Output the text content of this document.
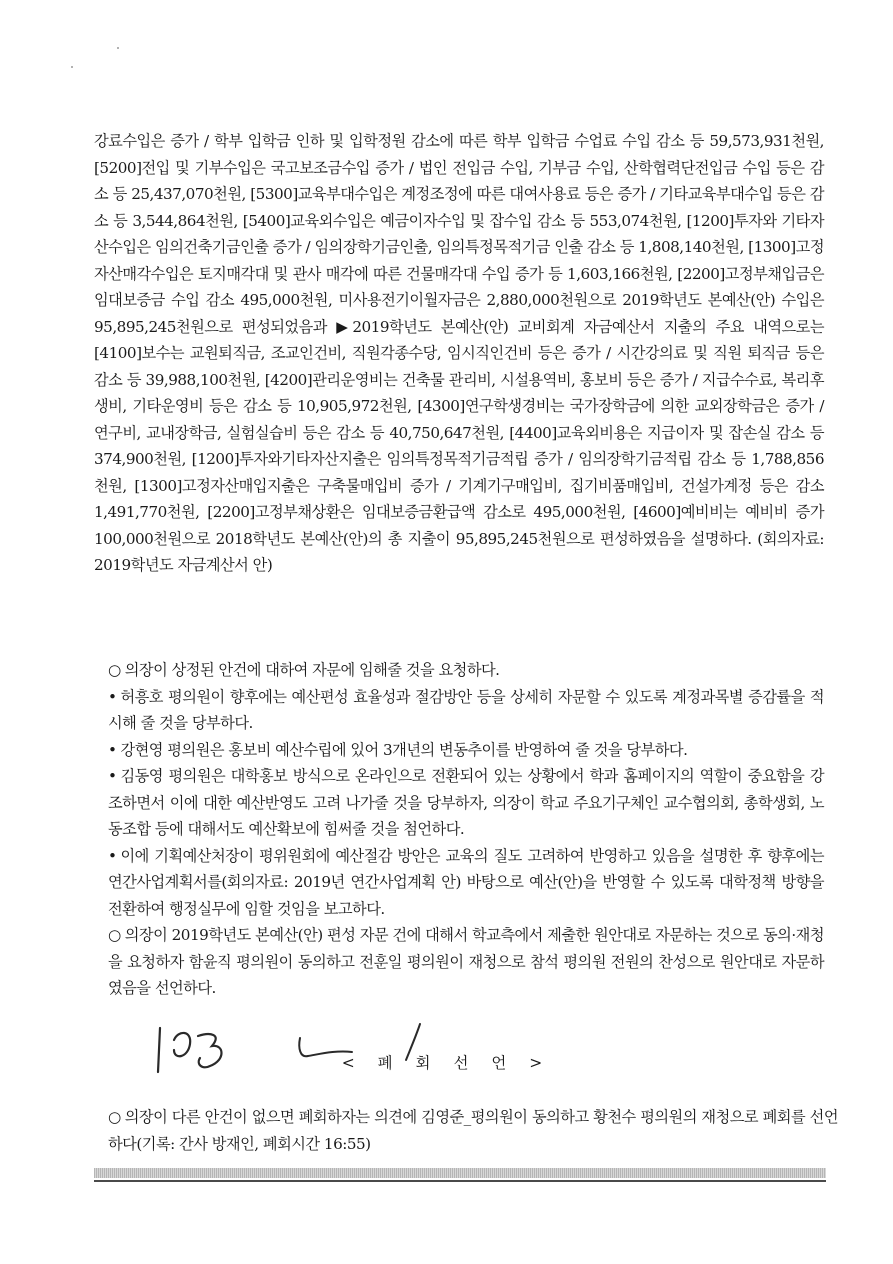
강료수입은 증가 / 학부 입학금 인하 및 입학정원 감소에 따른 학부 입학금 수업료 수입 감소 등 59,573,931천원, [5200]전입 및 기부수입은 국고보조금수입 증가 / 법인 전입금 수입, 기부금 수입, 산학협력단전입금 수입 등은 감소 등 25,437,070천원, [5300]교육부대수입은 계정조정에 따른 대여사용료 등은 증가 / 기타교육부대수입 등은 감소 등 3,544,864천원, [5400]교육외수입은 예금이자수입 및 잡수입 감소 등 553,074천원, [1200]투자와 기타자산수입은 임의건축기금인출 증가 / 임의장학기금인출, 임의특정목적기금 인출 감소 등 1,808,140천원, [1300]고정자산매각수입은 토지매각대 및 관사 매각에 따른 건물매각대 수입 증가 등 1,603,166천원, [2200]고정부채입금은 임대보증금 수입 감소 495,000천원, 미사용전기이월자금은 2,880,000천원으로 2019학년도 본예산(안) 수입은 95,895,245천원으로 편성되었음과 ▶2019학년도 본예산(안) 교비회계 자금예산서 지출의 주요 내역으로는 [4100]보수는 교원퇴직금, 조교인건비, 직원각종수당, 임시직인건비 등은 증가 / 시간강의료 및 직원 퇴직금 등은 감소 등 39,988,100천원, [4200]관리운영비는 건축물 관리비, 시설용역비, 홍보비 등은 증가 / 지급수수료, 복리후생비, 기타운영비 등은 감소 등 10,905,972천원, [4300]연구학생경비는 국가장학금에 의한 교외장학금은 증가 / 연구비, 교내장학금, 실험실습비 등은 감소 등 40,750,647천원, [4400]교육외비용은 지급이자 및 잡손실 감소 등 374,900천원, [1200]투자와기타자산지출은 임의특정목적기금적립 증가 / 임의장학기금적립 감소 등 1,788,856천원, [1300]고정자산매입지출은 구축물매입비 증가 / 기계기구매입비, 집기비품매입비, 건설가계정 등은 감소 1,491,770천원, [2200]고정부채상환은 임대보증금환급액 감소로 495,000천원, [4600]예비비는 예비비 증가 100,000천원으로 2018학년도 본예산(안)의 총 지출이 95,895,245천원으로 편성하였음을 설명하다. (회의자료: 2019학년도 자금계산서 안)

○ 의장이 상정된 안건에 대하여 자문에 임해줄 것을 요청하다.

• 허흥호 평의원이 향후에는 예산편성 효율성과 절감방안 등을 상세히 자문할 수 있도록 계정과목별 증감률을 적시해 줄 것을 당부하다.

• 강현영 평의원은 홍보비 예산수립에 있어 3개년의 변동추이를 반영하여 줄 것을 당부하다.

• 김동영 평의원은 대학홍보 방식으로 온라인으로 전환되어 있는 상황에서 학과 홈페이지의 역할이 중요함을 강조하면서 이에 대한 예산반영도 고려 나가줄 것을 당부하자, 의장이 학교 주요기구체인 교수협의회, 총학생회, 노동조합 등에 대해서도 예산확보에 힘써줄 것을 첨언하다.

• 이에 기획예산처장이 평위원회에 예산절감 방안은 교육의 질도 고려하여 반영하고 있음을 설명한 후 향후에는 연간사업계획서를(회의자료: 2019년 연간사업계획 안) 바탕으로 예산(안)을 반영할 수 있도록 대학정책 방향을 전환하여 행정실무에 임할 것임을 보고하다.

○ 의장이 2019학년도 본예산(안) 편성 자문 건에 대해서 학교측에서 제출한 원안대로 자문하는 것으로 동의·재청을 요청하자 함윤직 평의원이 동의하고 전훈일 평의원이 재청으로 참석 평의원 전원의 찬성으로 원안대로 자문하였음을 선언하다.

< 폐 회 선 언 >

○ 의장이 다른 안건이 없으면 폐회하자는 의견에 김영준_평의원이 동의하고 황천수 평의원의 재청으로 폐회를 선언하다(기록: 간사 방재인, 폐회시간 16:55)
